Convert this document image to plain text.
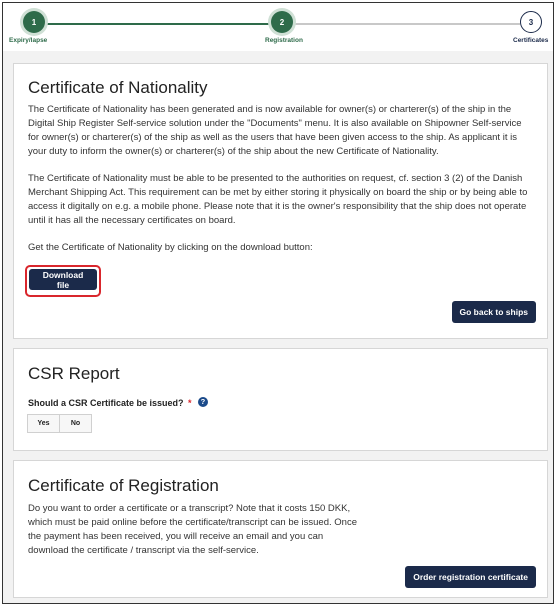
1
Expiry/lapse
2
Registration
3
Certificates
Certificate of Nationality

The Certificate of Nationality has been generated and is now available for owner(s) or charterer(s) of the ship in the Digital Ship Register Self-service solution under the "Documents" menu. It is also available on Shipowner Self-service for owner(s) or charterer(s) of the ship as well as the users that have been given access to the ship. As applicant it is your duty to inform the owner(s) or charterer(s) of the ship about the new Certificate of Nationality.

The Certificate of Nationality must be able to be presented to the authorities on request, cf. section 3 (2) of the Danish Merchant Shipping Act. This requirement can be met by either storing it physically on board the ship or by being able to access it digitally on e.g. a mobile phone. Please note that it is the owner's responsibility that the ship does not operate until it has all the necessary certificates on board.

Get the Certificate of Nationality by clicking on the download button:

Download file
Go back to ships
CSR Report
Should a CSR Certificate be issued? * ?
Yes	No
Certificate of Registration

Do you want to order a certificate or a transcript? Note that it costs 150 DKK, which must be paid online before the certificate/transcript can be issued. Once the payment has been received, you will receive an email and you can download the certificate / transcript via the self-service.

Order registration certificate
